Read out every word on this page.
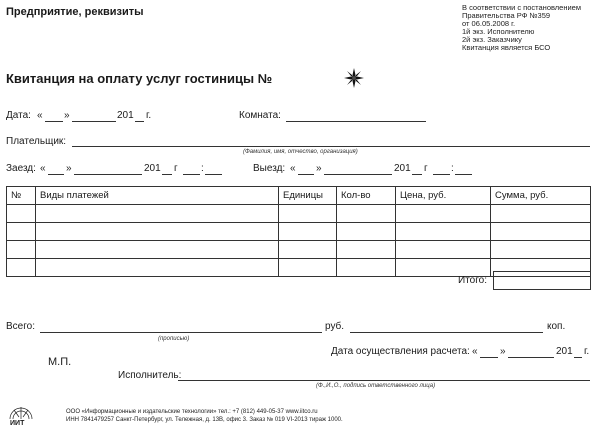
Предприятие, реквизиты	В соответствии с постановлением
Правительства РФ №359
от 06.05.2008 г.
1й экз. Исполнителю
2й экз. Заказчику
Квитанция является БСО
Квитанция на оплату услуг гостиницы №
Дата: « »	201 г.	Комната:
Плательщик:
(Фамилия, имя, отчество, организация)
Заезд: « »	201 г :	Выезд: « »	201 г :
№	Виды платежей	Единицы	Кол-во	Цена, руб.	Сумма, руб.

Итого:
Всего:
(прописью)
руб.	коп.
М.П.
Дата осуществления расчета: « »	201 г.
Исполнитель:
(Ф.,И.,О., подпись ответственного лица)
ИИТ
ООО «Информационные и издательские технологии» тел.: +7 (812) 449-05-37 www.iitco.ru
ИНН 7841479257 Санкт-Петербург, ул. Тележная, д. 13В, офис 3. Заказ № 019 VI-2013 тираж 1000.
